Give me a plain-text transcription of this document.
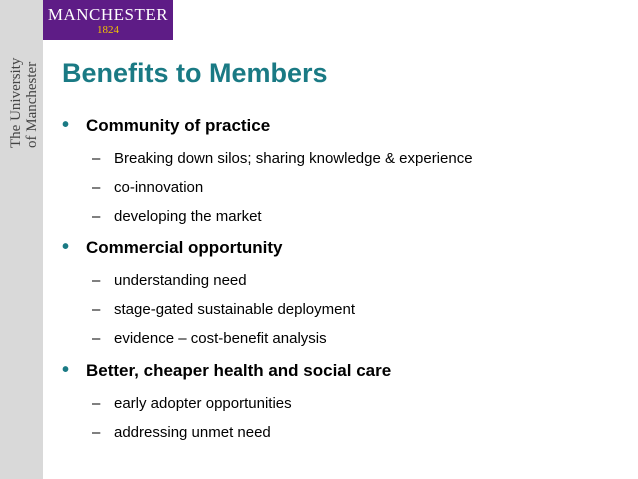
The University of Manchester
MANCHESTER
1824
Benefits to Members
• Community of practice
– Breaking down silos; sharing knowledge & experience
– co-innovation
– developing the market
• Commercial opportunity
– understanding need
– stage-gated sustainable deployment
– evidence – cost-benefit analysis
• Better, cheaper health and social care
– early adopter opportunities
– addressing unmet need
